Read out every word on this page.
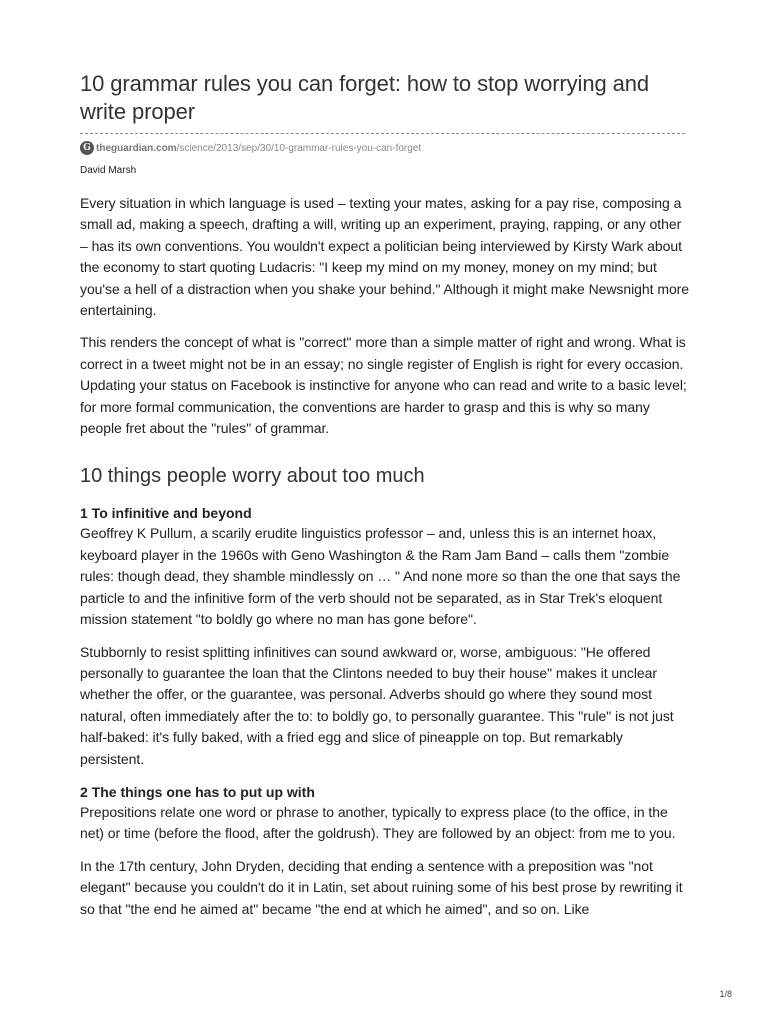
10 grammar rules you can forget: how to stop worrying and write proper
G theguardian.com /science/2013/sep/30/10-grammar-rules-you-can-forget
David Marsh

Every situation in which language is used – texting your mates, asking for a pay rise, composing a small ad, making a speech, drafting a will, writing up an experiment, praying, rapping, or any other – has its own conventions. You wouldn't expect a politician being interviewed by Kirsty Wark about the economy to start quoting Ludacris: "I keep my mind on my money, money on my mind; but you'se a hell of a distraction when you shake your behind." Although it might make Newsnight more entertaining.

This renders the concept of what is "correct" more than a simple matter of right and wrong. What is correct in a tweet might not be in an essay; no single register of English is right for every occasion. Updating your status on Facebook is instinctive for anyone who can read and write to a basic level; for more formal communication, the conventions are harder to grasp and this is why so many people fret about the "rules" of grammar.

10 things people worry about too much
1 To infinitive and beyond

Geoffrey K Pullum, a scarily erudite linguistics professor – and, unless this is an internet hoax, keyboard player in the 1960s with Geno Washington & the Ram Jam Band – calls them "zombie rules: though dead, they shamble mindlessly on … " And none more so than the one that says the particle to and the infinitive form of the verb should not be separated, as in Star Trek's eloquent mission statement "to boldly go where no man has gone before".

Stubbornly to resist splitting infinitives can sound awkward or, worse, ambiguous: "He offered personally to guarantee the loan that the Clintons needed to buy their house" makes it unclear whether the offer, or the guarantee, was personal. Adverbs should go where they sound most natural, often immediately after the to: to boldly go, to personally guarantee. This "rule" is not just half-baked: it's fully baked, with a fried egg and slice of pineapple on top. But remarkably persistent.

2 The things one has to put up with

Prepositions relate one word or phrase to another, typically to express place (to the office, in the net) or time (before the flood, after the goldrush). They are followed by an object: from me to you.

In the 17th century, John Dryden, deciding that ending a sentence with a preposition was "not elegant" because you couldn't do it in Latin, set about ruining some of his best prose by rewriting it so that "the end he aimed at" became "the end at which he aimed", and so on. Like

1/8
